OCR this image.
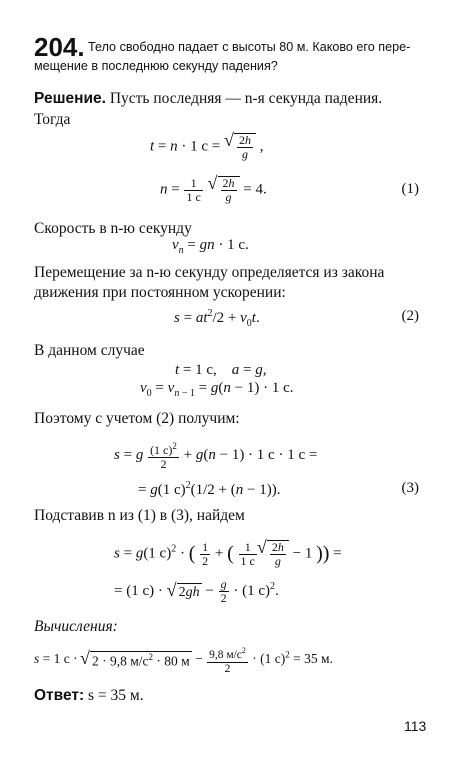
204. Тело свободно падает с высоты 80 м. Каково его пере-
мещение в последнюю секунду падения?
Решение. Пусть последняя — n-я секунда падения.
Тогда
t = n · 1 c = √ $\frac{2h}{g}$ ,
$n = \frac{1}{1 c}$
√ $\frac{2h}{g} = 4$.	(1)
Скорость в n-ю секунду
$v_n$ = gn · 1 c.
Перемещение за n-ю секунду определяется из закона
движения при постоянном ускорении:
$s = at^2/2 + v_0t$.	(2)
В данном случае
t = 1 c,    a = g,
$v_0 = v_{n - 1} = g(n - 1) \cdot 1$ c.
Поэтому с учетом (2) получим:
s = g $\frac{(1 c)^2}{2} + g(n - 1) \cdot 1$ c · 1 c =
= g(1 c)$^2$(1/2 + (n − 1)).	(3)
Подставив n из (1) в (3), найдем
s = g(1 c)$^2$ · ( $\frac{1}{2}$ + ( $\frac{1}{1 c}$ √ $\frac{2h}{g} - 1$ )) =
= (1 c) · √ $2gh - \frac{g}{2} \cdot (1$ c)$^2$.
Вычисления:
s = 1 c · √ 2 · 9,8 $м/с^2 \cdot 80$ $м - \frac{9,8 м/с^2}{2} \cdot (1$ с)$^2$ = 35 м.
Ответ: s = 35 м.
113
